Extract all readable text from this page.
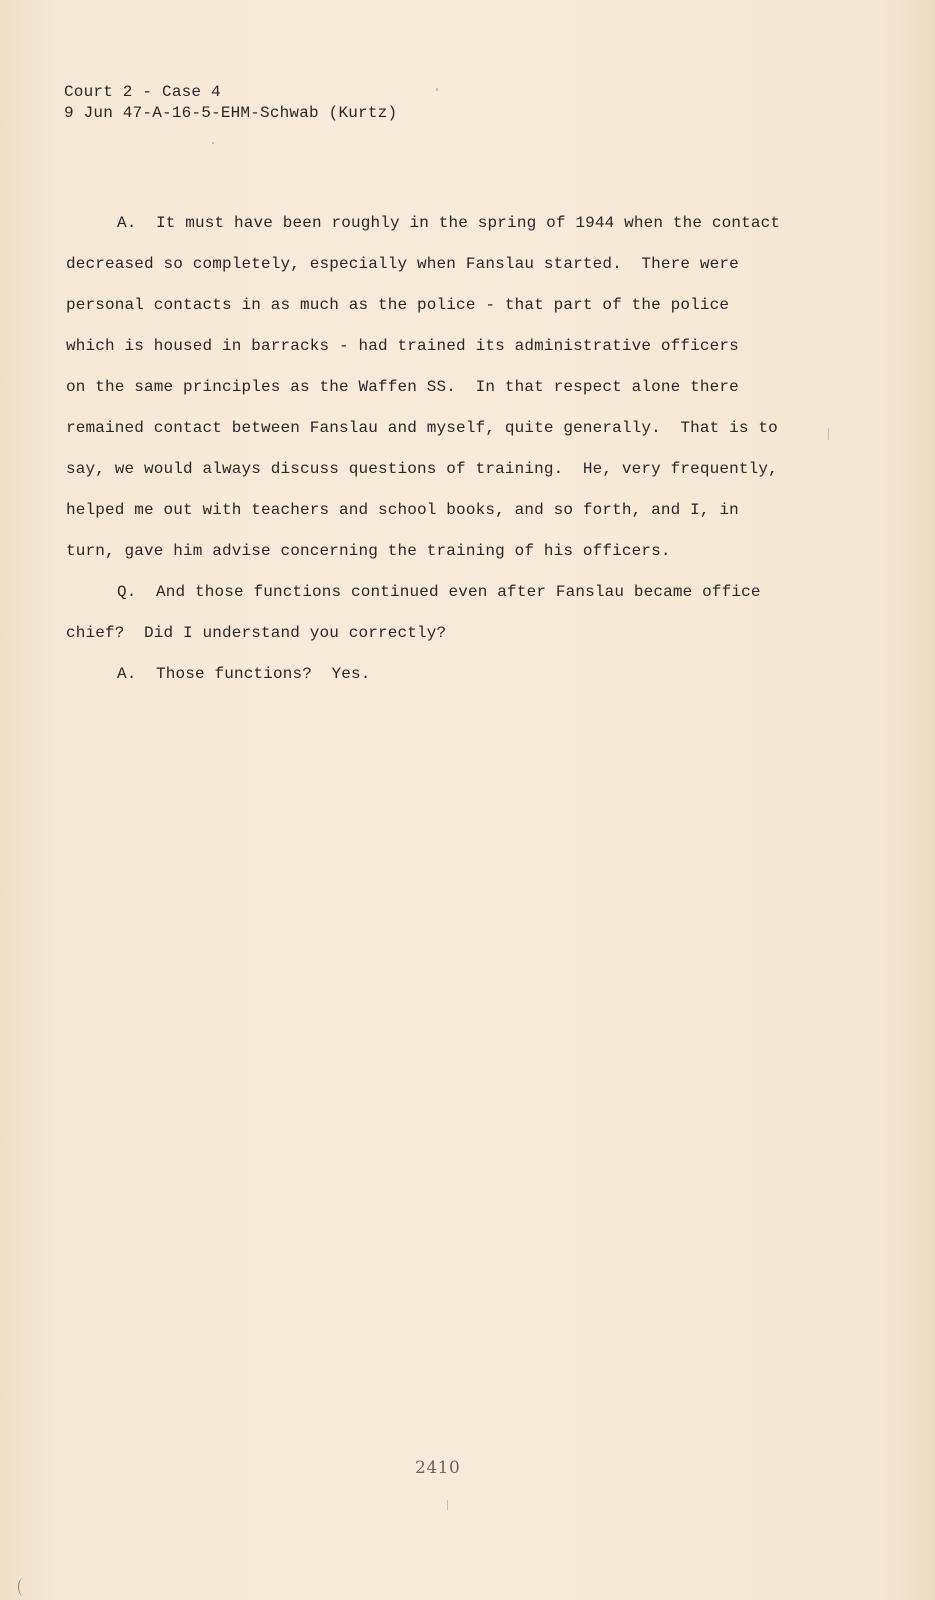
Court 2 - Case 4
9 Jun 47-A-16-5-EHM-Schwab (Kurtz)
A.  It must have been roughly in the spring of 1944 when the contact
decreased so completely, especially when Fanslau started.  There were
personal contacts in as much as the police - that part of the police
which is housed in barracks - had trained its administrative officers
on the same principles as the Waffen SS.  In that respect alone there
remained contact between Fanslau and myself, quite generally.  That is to
say, we would always discuss questions of training.  He, very frequently,
helped me out with teachers and school books, and so forth, and I, in
turn, gave him advise concerning the training of his officers.
Q.  And those functions continued even after Fanslau became office
chief?  Did I understand you correctly?
A.  Those functions?  Yes.
2410
